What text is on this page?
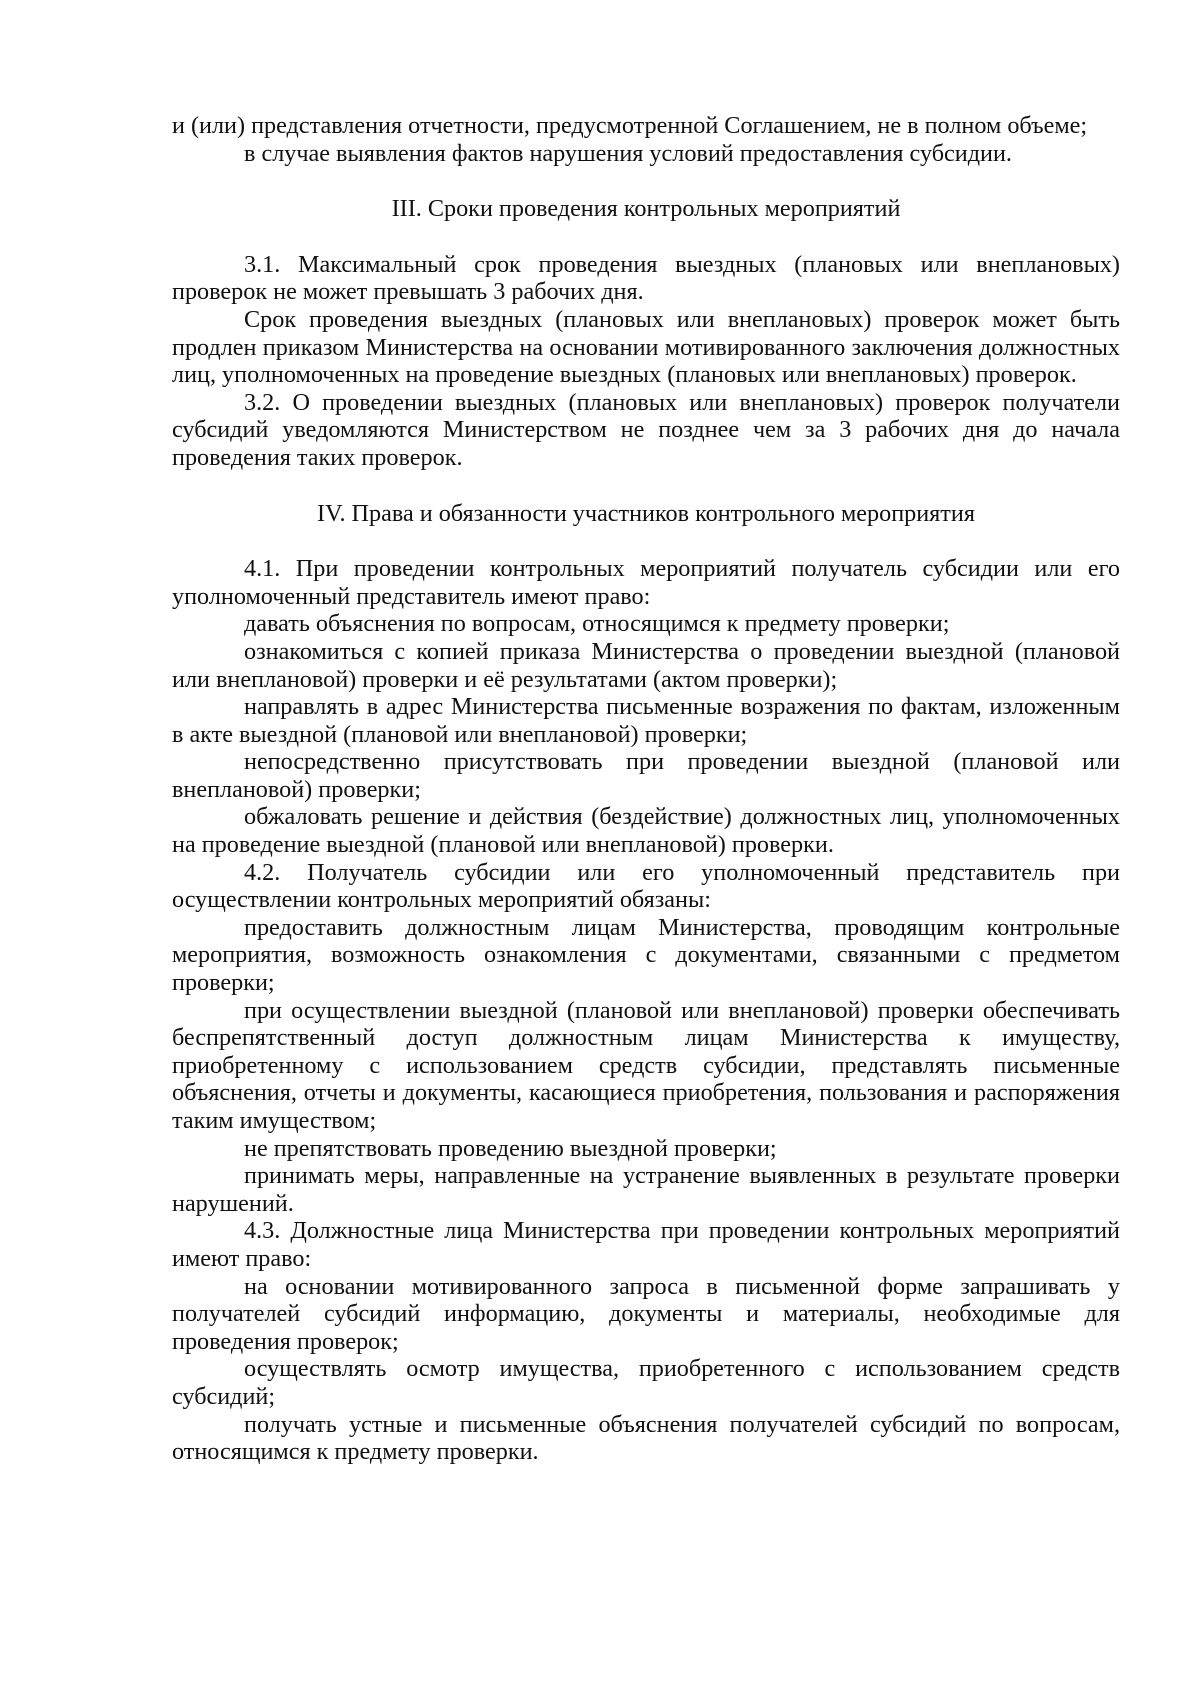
и (или) представления отчетности, предусмотренной Соглашением, не в полном объеме;

в случае выявления фактов нарушения условий предоставления субсидии.

III. Сроки проведения контрольных мероприятий

3.1. Максимальный срок проведения выездных (плановых или внеплановых) проверок не может превышать 3 рабочих дня.

Срок проведения выездных (плановых или внеплановых) проверок может быть продлен приказом Министерства на основании мотивированного заключения должностных лиц, уполномоченных на проведение выездных (плановых или внеплановых) проверок.

3.2. О проведении выездных (плановых или внеплановых) проверок получатели субсидий уведомляются Министерством не позднее чем за 3 рабочих дня до начала проведения таких проверок.

IV. Права и обязанности участников контрольного мероприятия

4.1. При проведении контрольных мероприятий получатель субсидии или его уполномоченный представитель имеют право:

давать объяснения по вопросам, относящимся к предмету проверки;

ознакомиться с копией приказа Министерства о проведении выездной (плановой или внеплановой) проверки и её результатами (актом проверки);

направлять в адрес Министерства письменные возражения по фактам, изложенным в акте выездной (плановой или внеплановой) проверки;

непосредственно присутствовать при проведении выездной (плановой или внеплановой) проверки;

обжаловать решение и действия (бездействие) должностных лиц, уполномоченных на проведение выездной (плановой или внеплановой) проверки.

4.2. Получатель субсидии или его уполномоченный представитель при осуществлении контрольных мероприятий обязаны:

предоставить должностным лицам Министерства, проводящим контрольные мероприятия, возможность ознакомления с документами, связанными с предметом проверки;

при осуществлении выездной (плановой или внеплановой) проверки обеспечивать беспрепятственный доступ должностным лицам Министерства к имуществу, приобретенному с использованием средств субсидии, представлять письменные объяснения, отчеты и документы, касающиеся приобретения, пользования и распоряжения таким имуществом;

не препятствовать проведению выездной проверки;

принимать меры, направленные на устранение выявленных в результате проверки нарушений.

4.3. Должностные лица Министерства при проведении контрольных мероприятий имеют право:

на основании мотивированного запроса в письменной форме запрашивать у получателей субсидий информацию, документы и материалы, необходимые для проведения проверок;

осуществлять осмотр имущества, приобретенного с использованием средств субсидий;

получать устные и письменные объяснения получателей субсидий по вопросам, относящимся к предмету проверки.
